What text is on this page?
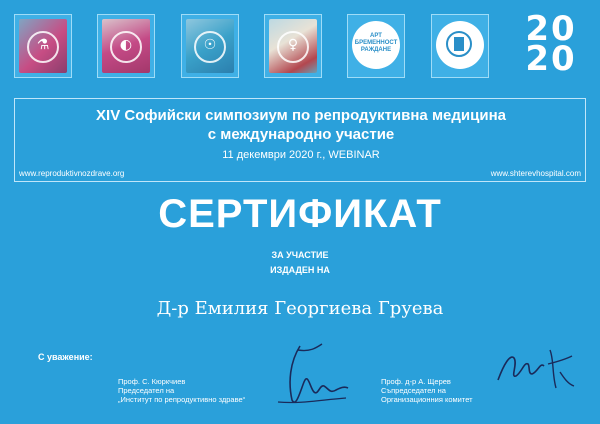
⚗	◐	☉	♀
АРТ
БРЕМЕННОСТ
РАЖДАНЕ
20
20
XIV Софийски симпозиум по репродуктивна медицина
с международно участие
11 декември 2020 г., WEBINAR
www.reproduktivnozdrave.org	www.shterevhospital.com
СЕРТИФИКАТ
ЗА УЧАСТИЕ
ИЗДАДЕН НА
Д-р Емилия Георгиева Груева
С уважение:
Проф. С. Кюркчиев
Председател на
„Институт по репродуктивно здраве“
Проф. д-р А. Щерев
Съпредседател на
Организационния комитет
